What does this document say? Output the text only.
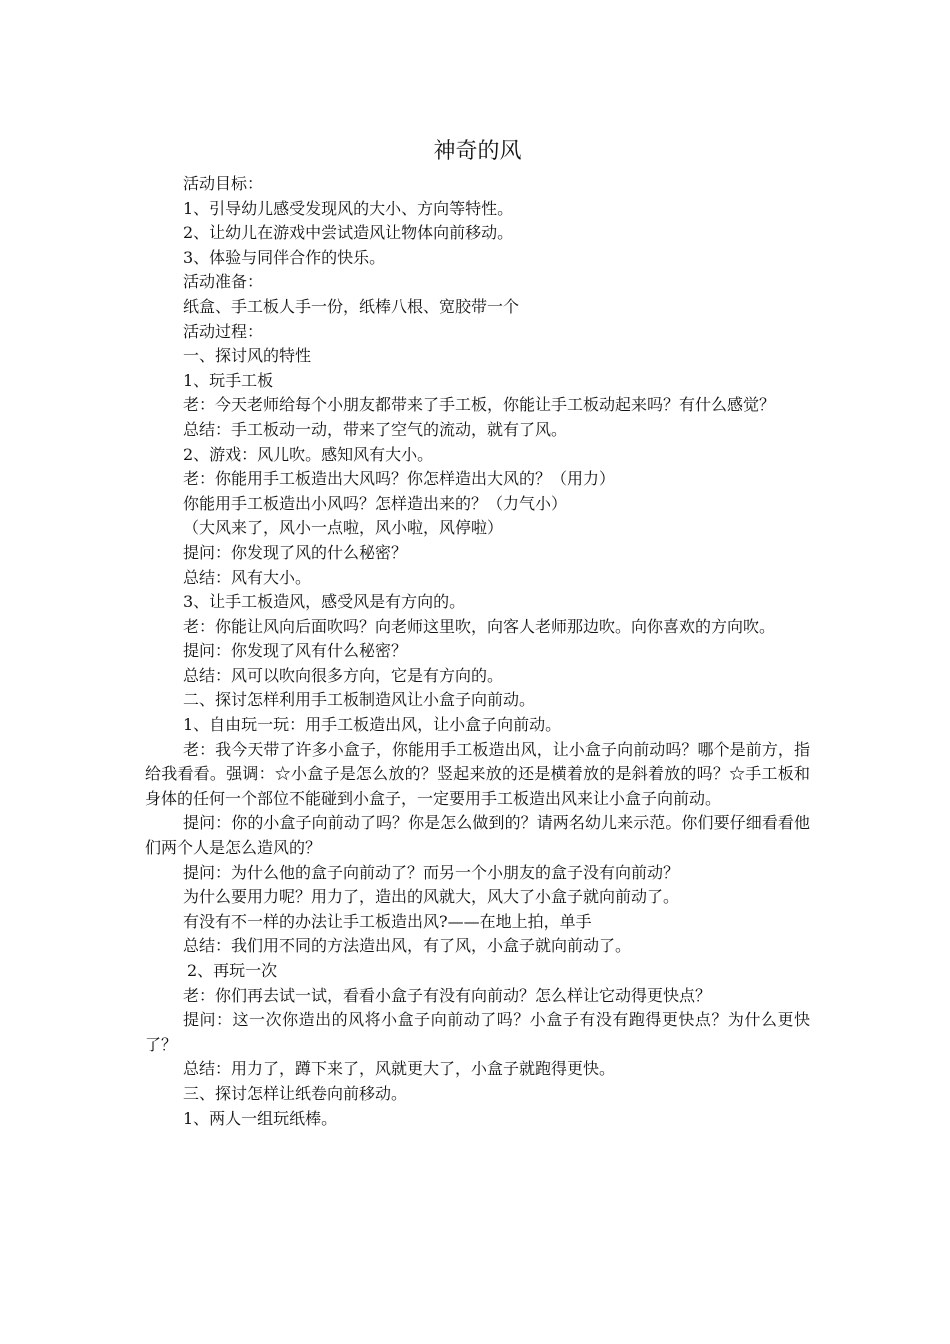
神奇的风

活动目标：

1、引导幼儿感受发现风的大小、方向等特性。

2、让幼儿在游戏中尝试造风让物体向前移动。

3、体验与同伴合作的快乐。

活动准备：

纸盒、手工板人手一份，纸棒八根、宽胶带一个

活动过程：

一、探讨风的特性

1、玩手工板

老：今天老师给每个小朋友都带来了手工板，你能让手工板动起来吗？有什么感觉？

总结：手工板动一动，带来了空气的流动，就有了风。

2、游戏：风儿吹。感知风有大小。

老：你能用手工板造出大风吗？你怎样造出大风的？（用力）

你能用手工板造出小风吗？怎样造出来的？（力气小）

（大风来了，风小一点啦，风小啦，风停啦）

提问：你发现了风的什么秘密？

总结：风有大小。

3、让手工板造风，感受风是有方向的。

老：你能让风向后面吹吗？向老师这里吹，向客人老师那边吹。向你喜欢的方向吹。

提问：你发现了风有什么秘密？

总结：风可以吹向很多方向，它是有方向的。

二、探讨怎样利用手工板制造风让小盒子向前动。

1、自由玩一玩：用手工板造出风，让小盒子向前动。

老：我今天带了许多小盒子，你能用手工板造出风，让小盒子向前动吗？哪个是前方，指给我看看。强调：☆小盒子是怎么放的？竖起来放的还是横着放的是斜着放的吗？☆手工板和身体的任何一个部位不能碰到小盒子，一定要用手工板造出风来让小盒子向前动。

提问：你的小盒子向前动了吗？你是怎么做到的？请两名幼儿来示范。你们要仔细看看他们两个人是怎么造风的？

提问：为什么他的盒子向前动了？而另一个小朋友的盒子没有向前动？

为什么要用力呢？用力了，造出的风就大，风大了小盒子就向前动了。

有没有不一样的办法让手工板造出风?——在地上拍，单手

总结：我们用不同的方法造出风，有了风，小盒子就向前动了。

2、再玩一次

老：你们再去试一试，看看小盒子有没有向前动？怎么样让它动得更快点？

提问：这一次你造出的风将小盒子向前动了吗？小盒子有没有跑得更快点？为什么更快了？

总结：用力了，蹲下来了，风就更大了，小盒子就跑得更快。

三、探讨怎样让纸卷向前移动。

1、两人一组玩纸棒。
